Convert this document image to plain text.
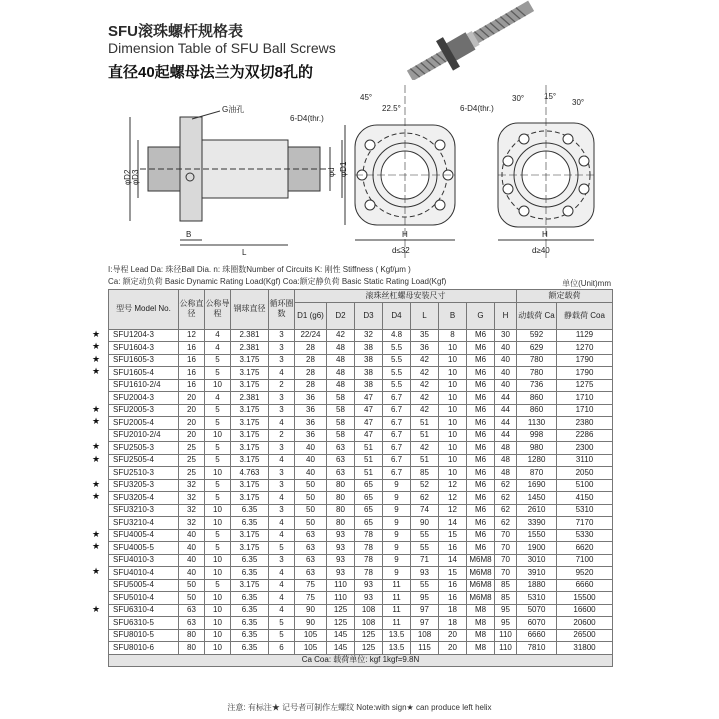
SFU滚珠螺杆规格表
Dimension Table of SFU Ball Screws
直径40起螺母法兰为双切8孔的
G油孔
φD2 φD3	φd φD1
B
L
6-D4(thr.)
45°
22.5°
H
d≤32
6-D4(thr.)
30° 15°
30°
H
d≥40
I:导程 Lead Da: 珠径Ball Dia. n: 珠圈数Number of Circuits K: 刚性 Stiffness ( Kgf/μm )
Ca: 额定动负荷 Basic Dynamic Rating Load(Kgf) Coa:额定静负荷 Basic Static Rating Load(Kgf)	单位(Unit)mm
型号 Model No.	公称直径	公称导程	钢球直径	循环圈数	滚珠丝杠螺母安装尺寸								额定载荷	
					D1 (g6)	D2	D3	D4	L	B	G	H	动载荷 Ca	静载荷 Coa
SFU1204-3	12	4	2.381	3	22/24	42	32	4.8	35	8	M6	30	592	1129
SFU1604-3	16	4	2.381	3	28	48	38	5.5	36	10	M6	40	629	1270
SFU1605-3	16	5	3.175	3	28	48	38	5.5	42	10	M6	40	780	1790
SFU1605-4	16	5	3.175	4	28	48	38	5.5	42	10	M6	40	780	1790
SFU1610-2/4	16	10	3.175	2	28	48	38	5.5	42	10	M6	40	736	1275
SFU2004-3	20	4	2.381	3	36	58	47	6.7	42	10	M6	44	860	1710
SFU2005-3	20	5	3.175	3	36	58	47	6.7	42	10	M6	44	860	1710
SFU2005-4	20	5	3.175	4	36	58	47	6.7	51	10	M6	44	1130	2380
SFU2010-2/4	20	10	3.175	2	36	58	47	6.7	51	10	M6	44	998	2286
SFU2505-3	25	5	3.175	3	40	63	51	6.7	42	10	M6	48	980	2300
SFU2505-4	25	5	3.175	4	40	63	51	6.7	51	10	M6	48	1280	3110
SFU2510-3	25	10	4.763	3	40	63	51	6.7	85	10	M6	48	870	2050
SFU3205-3	32	5	3.175	3	50	80	65	9	52	12	M6	62	1690	5100
SFU3205-4	32	5	3.175	4	50	80	65	9	62	12	M6	62	1450	4150
SFU3210-3	32	10	6.35	3	50	80	65	9	74	12	M6	62	2610	5310
SFU3210-4	32	10	6.35	4	50	80	65	9	90	14	M6	62	3390	7170
SFU4005-4	40	5	3.175	4	63	93	78	9	55	15	M6	70	1550	5330
SFU4005-5	40	5	3.175	5	63	93	78	9	55	16	M6	70	1900	6620
SFU4010-3	40	10	6.35	3	63	93	78	9	71	14	M6M8	70	3010	7100
SFU4010-4	40	10	6.35	4	63	93	78	9	93	15	M6M8	70	3910	9520
SFU5005-4	50	5	3.175	4	75	110	93	11	55	16	M6M8	85	1880	6660
SFU5010-4	50	10	6.35	4	75	110	93	11	95	16	M6M8	85	5310	15500
SFU6310-4	63	10	6.35	4	90	125	108	11	97	18	M8	95	5070	16600
SFU6310-5	63	10	6.35	5	90	125	108	11	97	18	M8	95	6070	20600
SFU8010-5	80	10	6.35	5	105	145	125	13.5	108	20	M8	110	6660	26500
SFU8010-6	80	10	6.35	6	105	145	125	13.5	115	20	M8	110	7810	31800
Ca Coa: 载荷单位: kgf 1kgf=9.8N														
★
★
★
★
★
★
★
★
★
★
★
★
★
★
注意: 有标注★ 记号者可制作左螺纹 Note:with sign★ can produce left helix
